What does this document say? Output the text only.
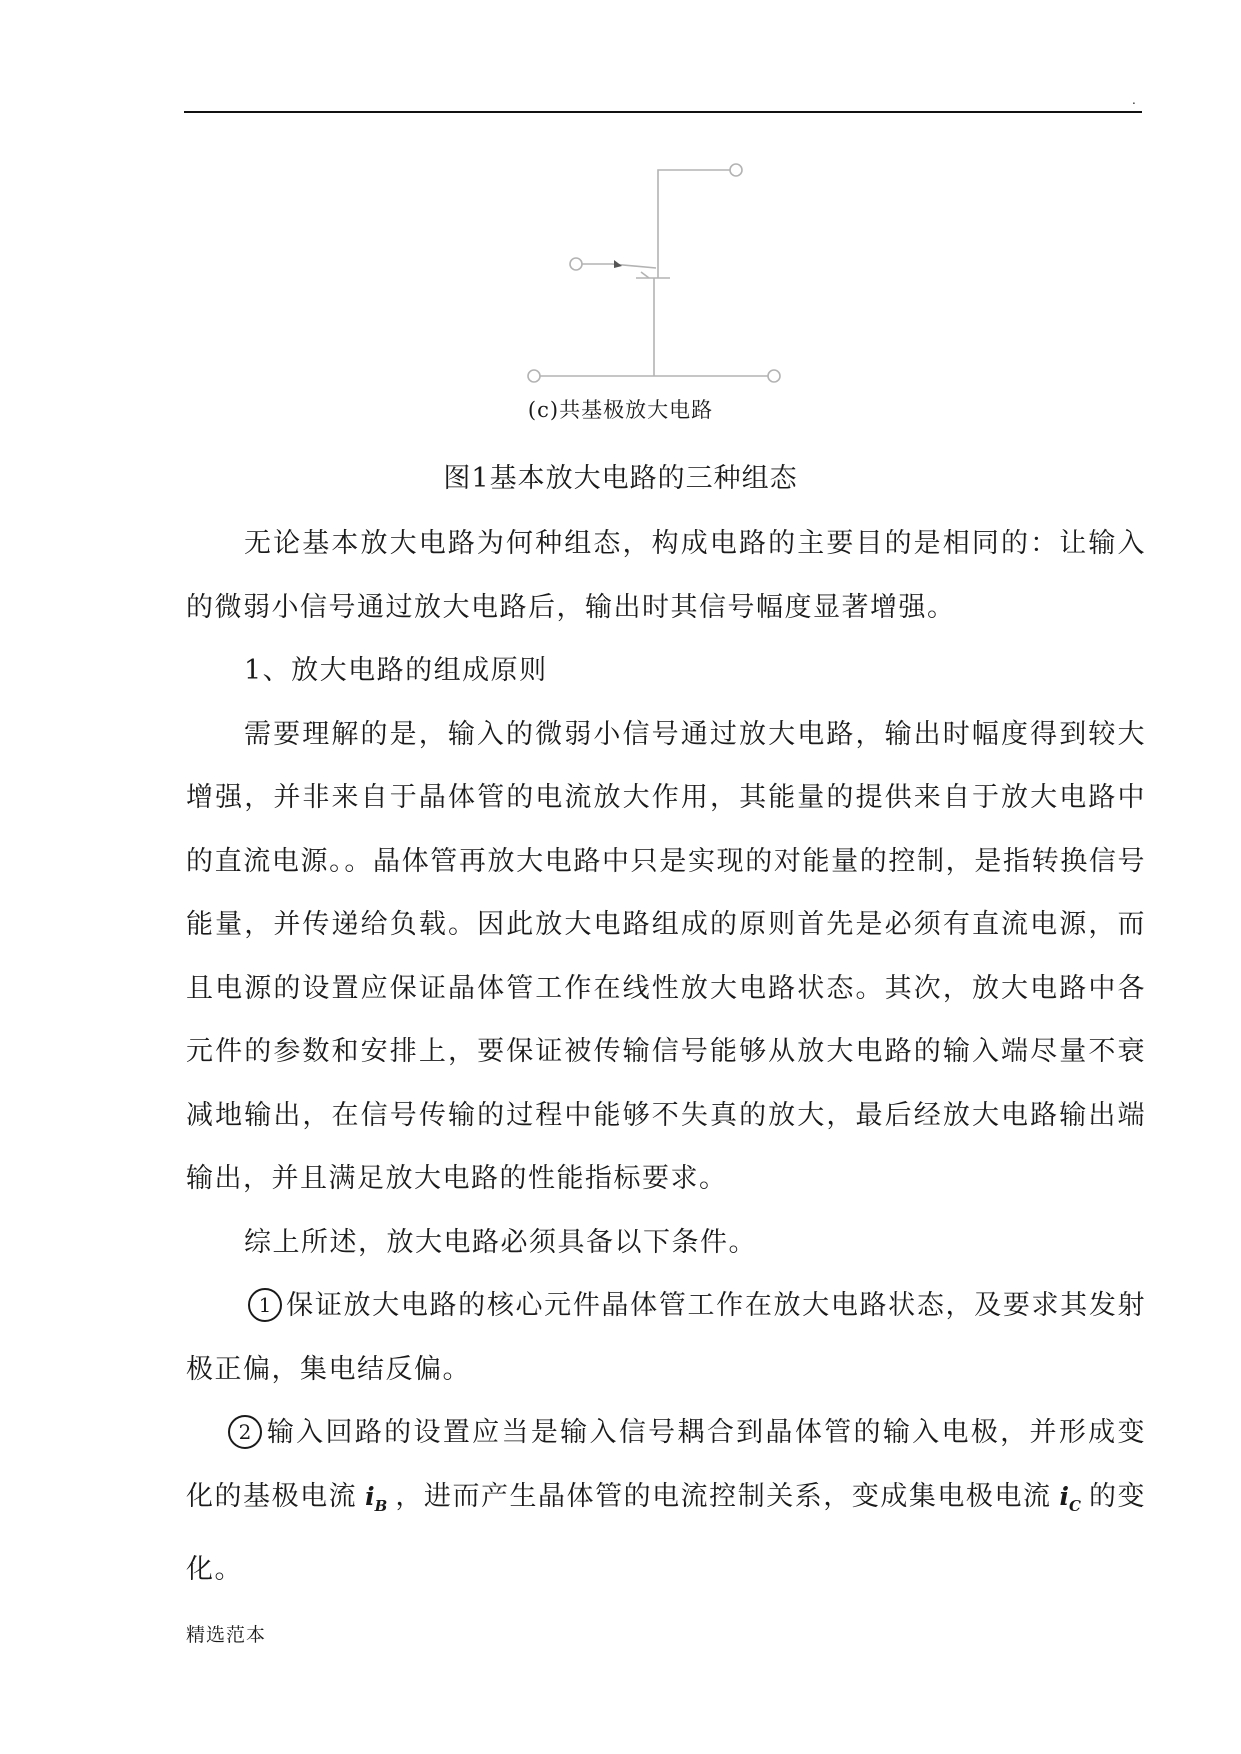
.
(c)共基极放大电路
图1基本放大电路的三种组态

无论基本放大电路为何种组态，构成电路的主要目的是相同的：让输入的微弱小信号通过放大电路后，输出时其信号幅度显著增强。

1、放大电路的组成原则

需要理解的是，输入的微弱小信号通过放大电路，输出时幅度得到较大增强，并非来自于晶体管的电流放大作用，其能量的提供来自于放大电路中的直流电源。。晶体管再放大电路中只是实现的对能量的控制，是指转换信号能量，并传递给负载。因此放大电路组成的原则首先是必须有直流电源，而且电源的设置应保证晶体管工作在线性放大电路状态。其次，放大电路中各元件的参数和安排上，要保证被传输信号能够从放大电路的输入端尽量不衰减地输出，在信号传输的过程中能够不失真的放大，最后经放大电路输出端输出，并且满足放大电路的性能指标要求。

综上所述，放大电路必须具备以下条件。

1 保证放大电路的核心元件晶体管工作在放大电路状态，及要求其发射极正偏，集电结反偏。

2 输入回路的设置应当是输入信号耦合到晶体管的输入电极，并形成变化的基极电流 $i_B$ ，进而产生晶体管的电流控制关系，变成集电极电流 $i_C$ 的变化。

精选范本
